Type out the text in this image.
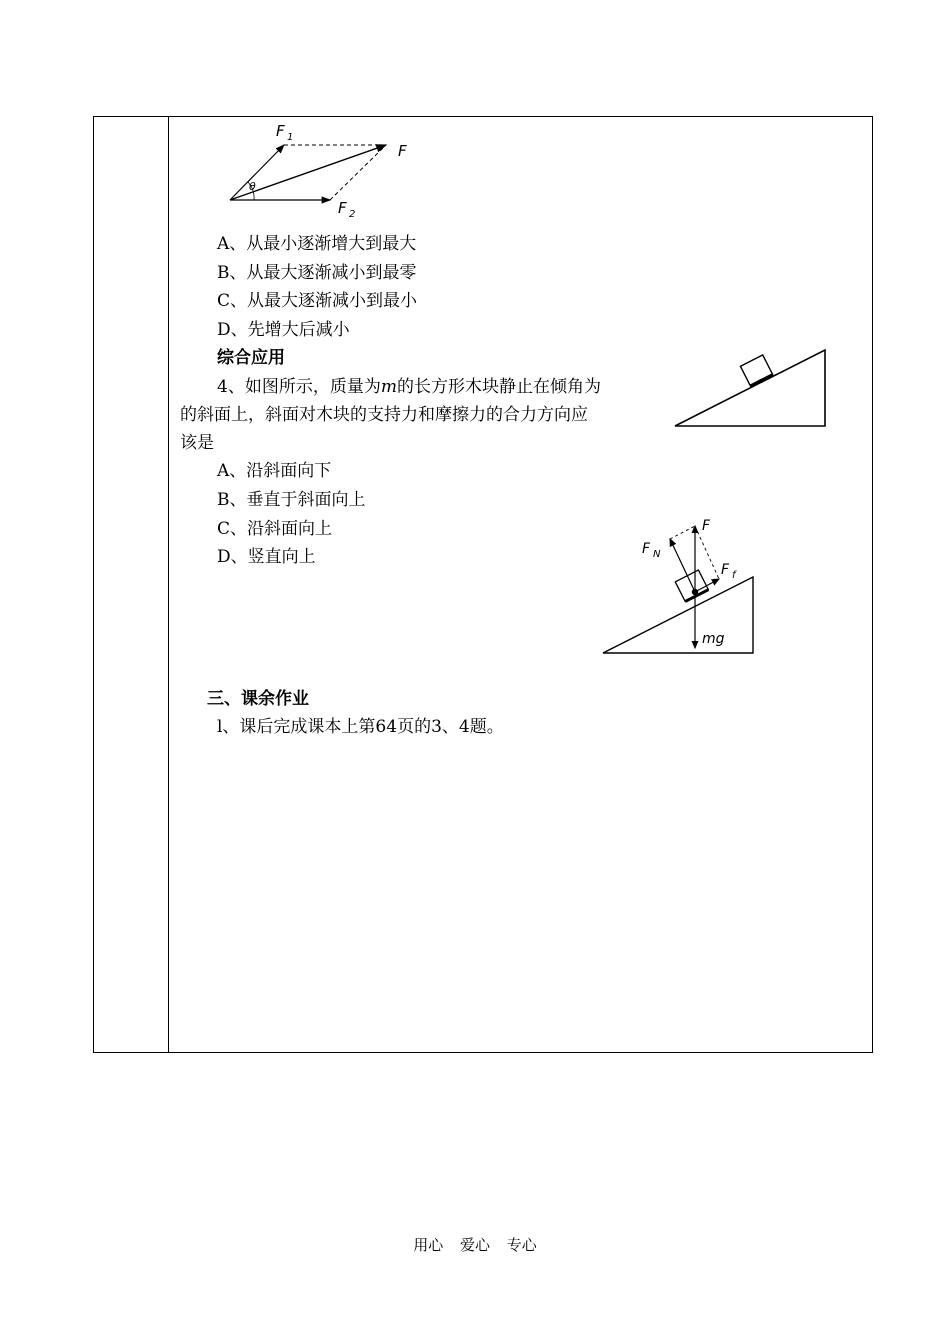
θ
F 1
F
F 2
A、从最小逐渐增大到最大
B、从最大逐渐减小到最零
C、从最大逐渐减小到最小
D、先增大后减小
综合应用
4、如图所示，质量为m的长方形木块静止在倾角为
的斜面上，斜面对木块的支持力和摩擦力的合力方向应
该是
A、沿斜面向下
B、垂直于斜面向上
C、沿斜面向上
D、竖直向上
F
F N
F f
mg
三、课余作业
l、课后完成课本上第64页的3、4题。
用心 爱心 专心
